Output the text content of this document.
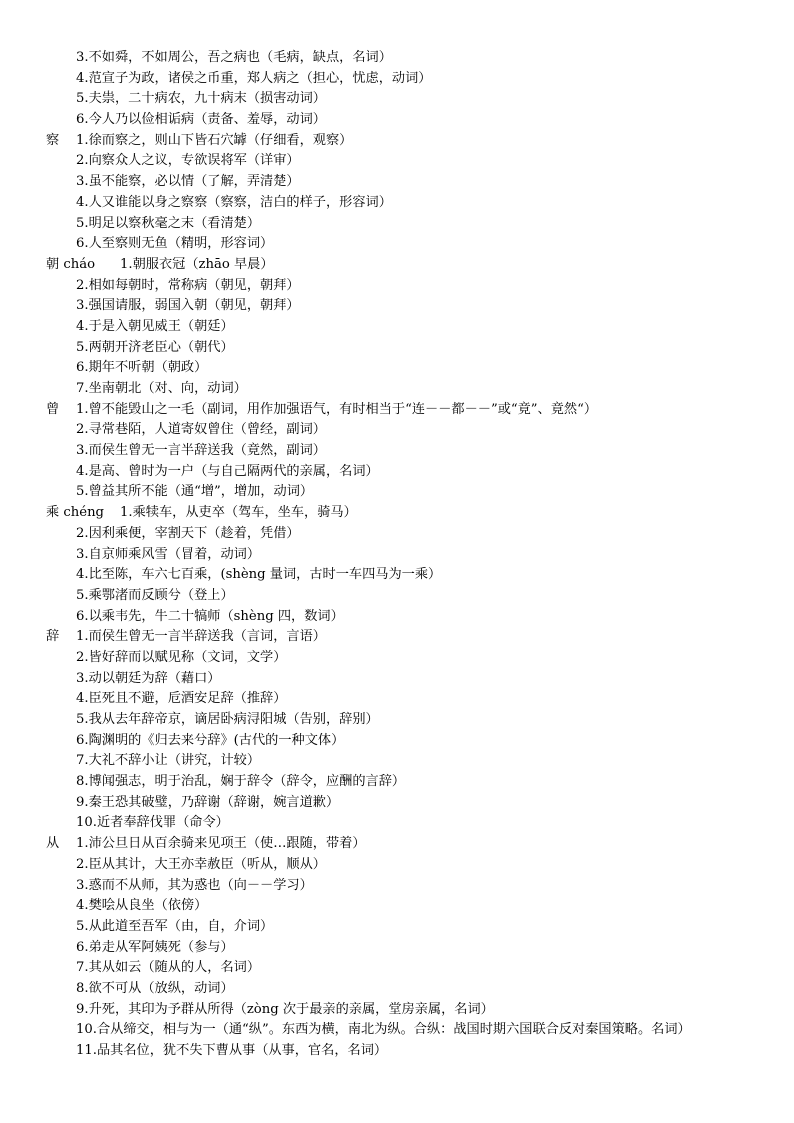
3.不如舜，不如周公，吾之病也（毛病，缺点，名词）
4.范宣子为政，诸侯之币重，郑人病之（担心，忧虑，动词）
5.夫祟，二十病农，九十病末（损害动词）
6.今人乃以俭相诟病（责备、羞辱，动词）
察 1.徐而察之，则山下皆石穴罅（仔细看，观察）
2.向察众人之议，专欲误将军（详审）
3.虽不能察，必以情（了解，弄清楚）
4.人又谁能以身之察察（察察，洁白的样子，形容词）
5.明足以察秋毫之末（看清楚）
6.人至察则无鱼（精明，形容词）
朝 cháo 1.朝服衣冠（zhāo 早晨）
2.相如每朝时，常称病（朝见，朝拜）
3.强国请服，弱国入朝（朝见，朝拜）
4.于是入朝见威王（朝廷）
5.两朝开济老臣心（朝代）
6.期年不听朝（朝政）
7.坐南朝北（对、向，动词）
曾 1.曾不能毁山之一毛（副词，用作加强语气，有时相当于“连－－都－－”或“竟”、竟然“）
2.寻常巷陌，人道寄奴曾住（曾经，副词）
3.而侯生曾无一言半辞送我（竟然，副词）
4.是高、曾时为一户（与自己隔两代的亲属，名词）
5.曾益其所不能（通“增”，增加，动词）
乘 chéng 1.乘犊车，从吏卒（驾车，坐车，骑马）
2.因利乘便，宰割天下（趁着，凭借）
3.自京师乘风雪（冒着，动词）
4.比至陈，车六七百乘，(shèng 量词，古时一车四马为一乘）
5.乘鄂渚而反顾兮（登上）
6.以乘韦先，牛二十犒师（shèng 四，数词）
辞 1.而侯生曾无一言半辞送我（言词，言语）
2.皆好辞而以赋见称（文词，文学）
3.动以朝廷为辞（藉口）
4.臣死且不避，卮酒安足辞（推辞）
5.我从去年辞帝京，谪居卧病浔阳城（告别，辞别）
6.陶渊明的《归去来兮辞》(古代的一种文体）
7.大礼不辞小让（讲究，计较）
8.博闻强志，明于治乱，娴于辞令（辞令，应酬的言辞）
9.秦王恐其破璧，乃辞谢（辞谢，婉言道歉）
10.近者奉辞伐罪（命令）
从 1.沛公旦日从百余骑来见项王（使…跟随，带着）
2.臣从其计，大王亦幸赦臣（听从，顺从）
3.惑而不从师，其为惑也（向－－学习）
4.樊哙从良坐（依傍）
5.从此道至吾军（由，自，介词）
6.弟走从军阿姨死（参与）
7.其从如云（随从的人，名词）
8.欲不可从（放纵，动词）
9.升死，其印为予群从所得（zòng 次于最亲的亲属，堂房亲属，名词）
10.合从缔交，相与为一（通“纵”。东西为横，南北为纵。合纵：战国时期六国联合反对秦国策略。名词）
11.品其名位，犹不失下曹从事（从事，官名，名词）
